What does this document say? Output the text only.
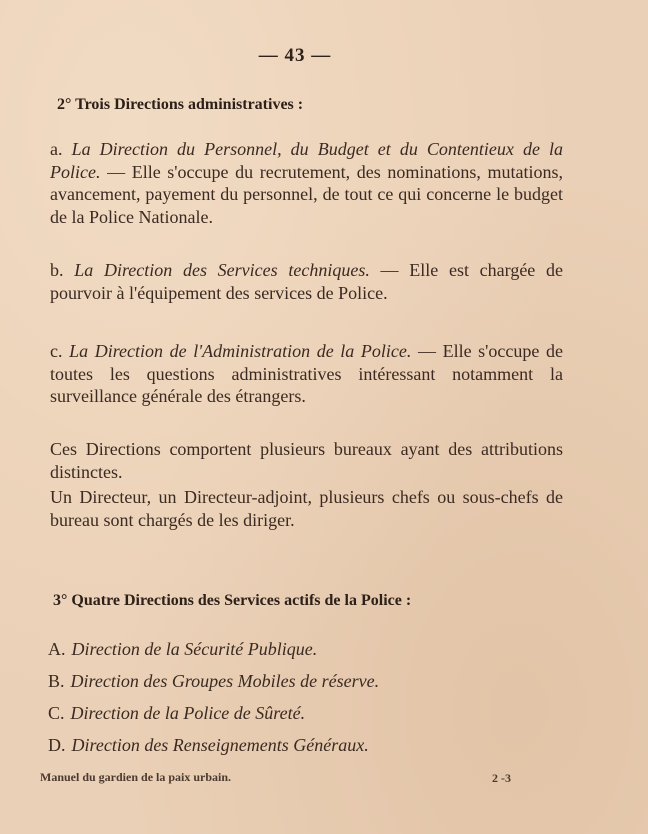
— 43 —
2° Trois Directions administratives :
a. La Direction du Personnel, du Budget et du Contentieux de la Police. — Elle s'occupe du recrutement, des nominations, mutations, avancement, payement du personnel, de tout ce qui concerne le budget de la Police Nationale.
b. La Direction des Services techniques. — Elle est chargée de pourvoir à l'équipement des services de Police.
c. La Direction de l'Administration de la Police. — Elle s'occupe de toutes les questions administratives intéressant notamment la surveillance générale des étrangers.
Ces Directions comportent plusieurs bureaux ayant des attributions distinctes.
Un Directeur, un Directeur-adjoint, plusieurs chefs ou sous-chefs de bureau sont chargés de les diriger.
3° Quatre Directions des Services actifs de la Police :
A. Direction de la Sécurité Publique.
B. Direction des Groupes Mobiles de réserve.
C. Direction de la Police de Sûreté.
D. Direction des Renseignements Généraux.
Manuel du gardien de la paix urbain.	2 -3
